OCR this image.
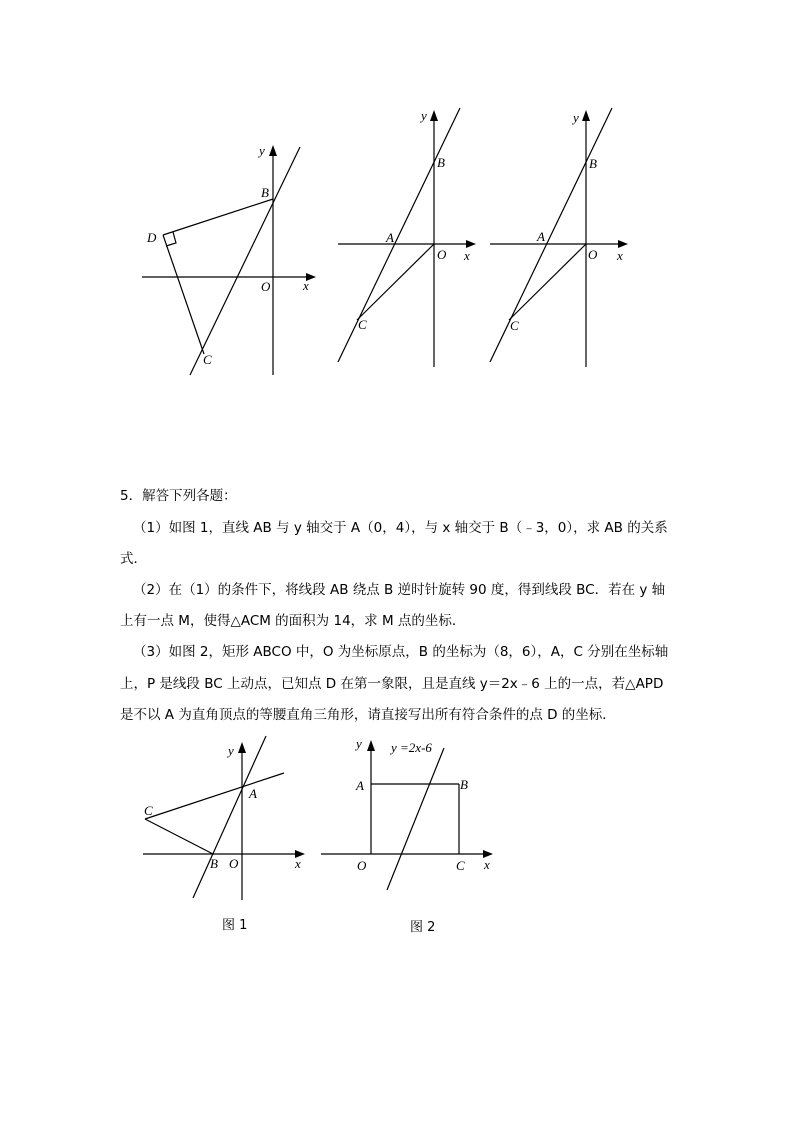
y
B
D
O	x
C
y
B
A
O x
C
y
B
A
O x
C
5．解答下列各题：
（1）如图 1，直线 AB 与 y 轴交于 A（0，4），与 x 轴交于 B（﹣3，0），求 AB 的关系
式．
（2）在（1）的条件下，将线段 AB 绕点 B 逆时针旋转 90 度，得到线段 BC．若在 y 轴
上有一点 M，使得△ACM 的面积为 14，求 M 点的坐标．
（3）如图 2，矩形 ABCO 中，O 为坐标原点，B 的坐标为（8，6），A，C 分别在坐标轴
上，P 是线段 BC 上动点，已知点 D 在第一象限，且是直线 y＝2x﹣6 上的一点，若△APD
是不以 A 为直角顶点的等腰直角三角形，请直接写出所有符合条件的点 D 的坐标．
y
A
C
B O	x
图 1
y y =2x-6
A	B
O	C x
图 2
